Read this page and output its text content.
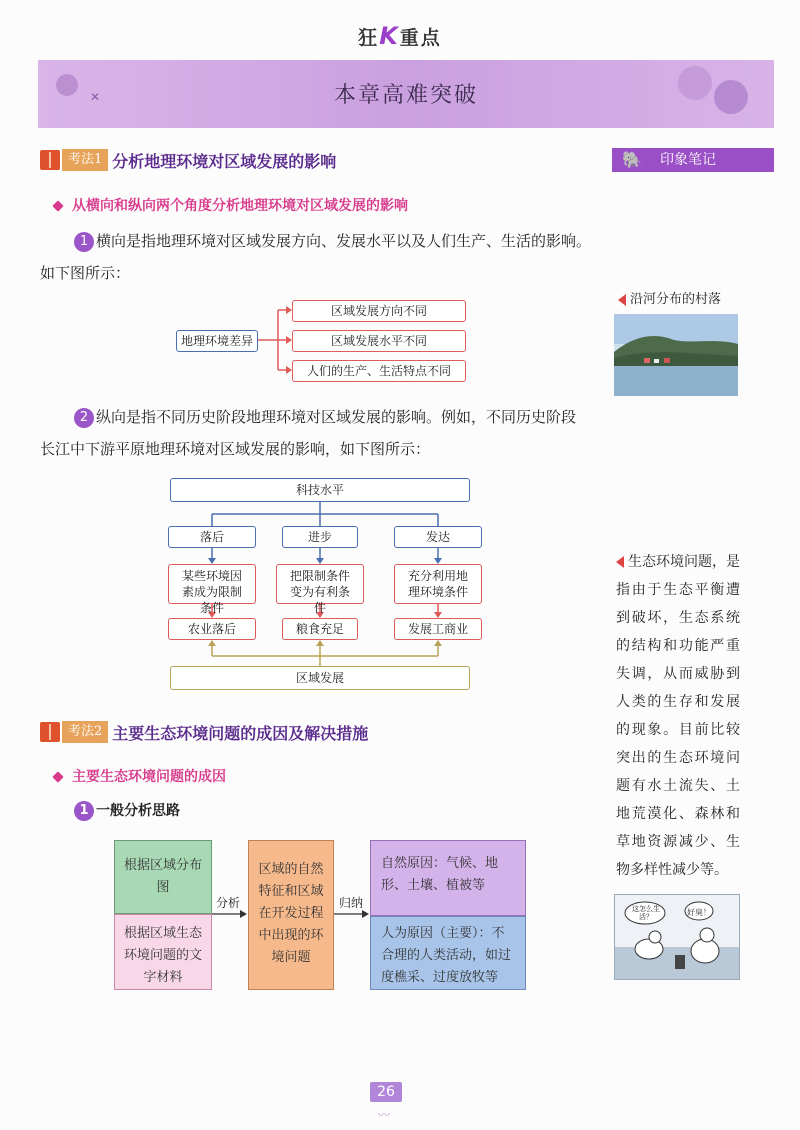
狂K重点
✕	本章高难突破
考法1 分析地理环境对区域发展的影响	🐘 印象笔记
从横向和纵向两个角度分析地理环境对区域发展的影响
1 横向是指地理环境对区域发展方向、发展水平以及人们生产、生活的影响。
如下图所示：
地理环境差异
区域发展方向不同
区域发展水平不同
人们的生产、生活特点不同
2 纵向是指不同历史阶段地理环境对区域发展的影响。例如，不同历史阶段
长江中下游平原地理环境对区域发展的影响，如下图所示：
科技水平
落后	进步	发达
某些环境因素成为限制条件
把限制条件变为有利条件
充分利用地理环境条件
农业落后	粮食充足	发展工商业
区域发展
考法2 主要生态环境问题的成因及解决措施
主要生态环境问题的成因
1 一般分析思路
根据区域分布图
根据区域生态环境问题的文字材料
分析
区域的自然特征和区域在开发过程中出现的环境问题
归纳
自然原因：气候、地形、土壤、植被等
人为原因（主要）：不合理的人类活动，如过度樵采、过度放牧等
沿河分布的村落
生态环境问题，是指由于生态平衡遭到破坏，生态系统的结构和功能严重失调，从而威胁到人类的生存和发展的现象。目前比较突出的生态环境问题有水土流失、土地荒漠化、森林和草地资源减少、生物多样性减少等。
这怎么生活？	好臭！
26
〰
